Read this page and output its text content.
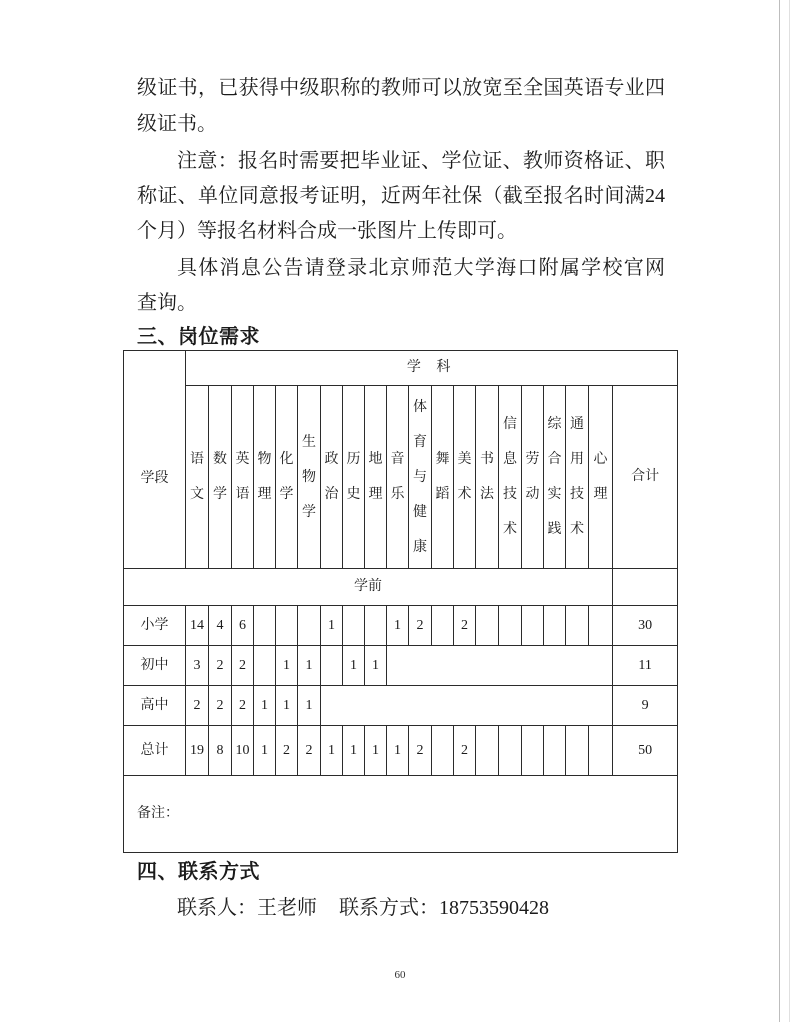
级证书，已获得中级职称的教师可以放宽至全国英语专业四
级证书。
注意：报名时需要把毕业证、学位证、教师资格证、职
称证、单位同意报考证明，近两年社保（截至报名时间满24
个月）等报名材料合成一张图片上传即可。
具体消息公告请登录北京师范大学海口附属学校官网
查询。
三、岗位需求
学段	学 科																			

	语文	数学	英语	物理	化学	生物学	政治	历史	地理	音乐	体育与健康	舞蹈	美术	书法	信息技术	劳动	综合实践	通用技术	心理	合计
学前																				
小学	14	4	6				1			1	2		2							30
初中	3	2	2		1	1		1	1											11
高中	2	2	2	1	1	1														9
总计	19	8	10	1	2	2	1	1	1	1	2		2							50
备注：																				
四、联系方式
联系人：王老师 联系方式：18753590428
60
